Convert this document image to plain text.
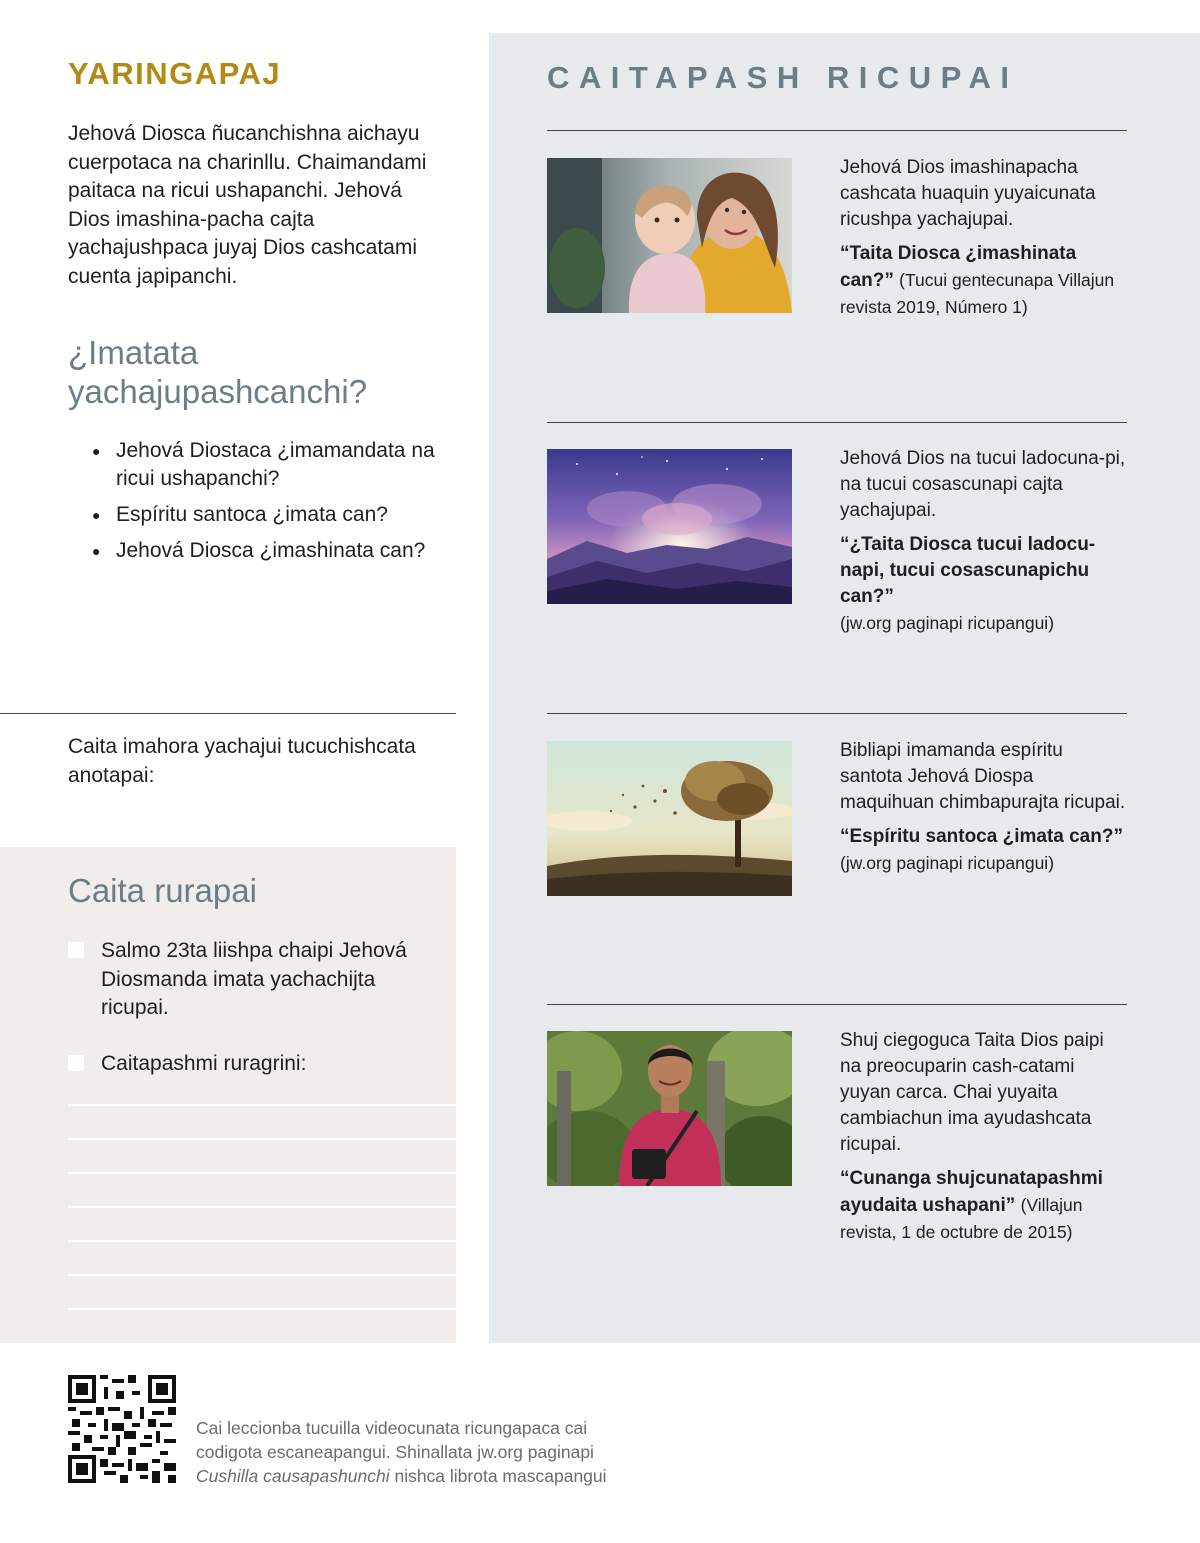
YARINGAPAJ

Jehová Diosca ñucanchishna aichayu cuerpotaca na charinllu. Chaimandami paitaca na ricui ushapanchi. Jehová Dios imashina-pacha cajta yachajushpaca juyaj Dios cashcatami cuenta japipanchi.

¿Imatata yachajupashcanchi?
● Jehová Diostaca ¿imamandata na ricui ushapanchi?
● Espíritu santoca ¿imata can?
● Jehová Diosca ¿imashinata can?

Caita imahora yachajui tucuchishcata anotapai:

Caita rurapai
Salmo 23ta liishpa chaipi Jehová Diosmanda imata yachachijta ricupai.
Caitapashmi ruragrini:
CAITAPASH RICUPAI

Jehová Dios imashinapacha cashcata huaquin yuyaicunata ricushpa yachajupai.

“Taita Diosca ¿imashinata can?” (Tucui gentecunapa Villajun revista 2019, Número 1)

Jehová Dios na tucui ladocuna-pi, na tucui cosascunapi cajta yachajupai.

“¿Taita Diosca tucui ladocu-napi, tucui cosascunapichu can?”

(jw.org paginapi ricupangui)

Bibliapi imamanda espíritu santota Jehová Diospa maquihuan chimbapurajta ricupai.

“Espíritu santoca ¿imata can?”

(jw.org paginapi ricupangui)

Shuj ciegoguca Taita Dios paipi na preocuparin cash-catami yuyan carca. Chai yuyaita cambiachun ima ayudashcata ricupai.

“Cunanga shujcunatapashmi ayudaita ushapani” (Villajun revista, 1 de octubre de 2015)

Cai leccionba tucuilla videocunata ricungapaca cai
codigota escaneapangui. Shinallata jw.org paginapi
Cushilla causapashunchi nishca librota mascapangui
